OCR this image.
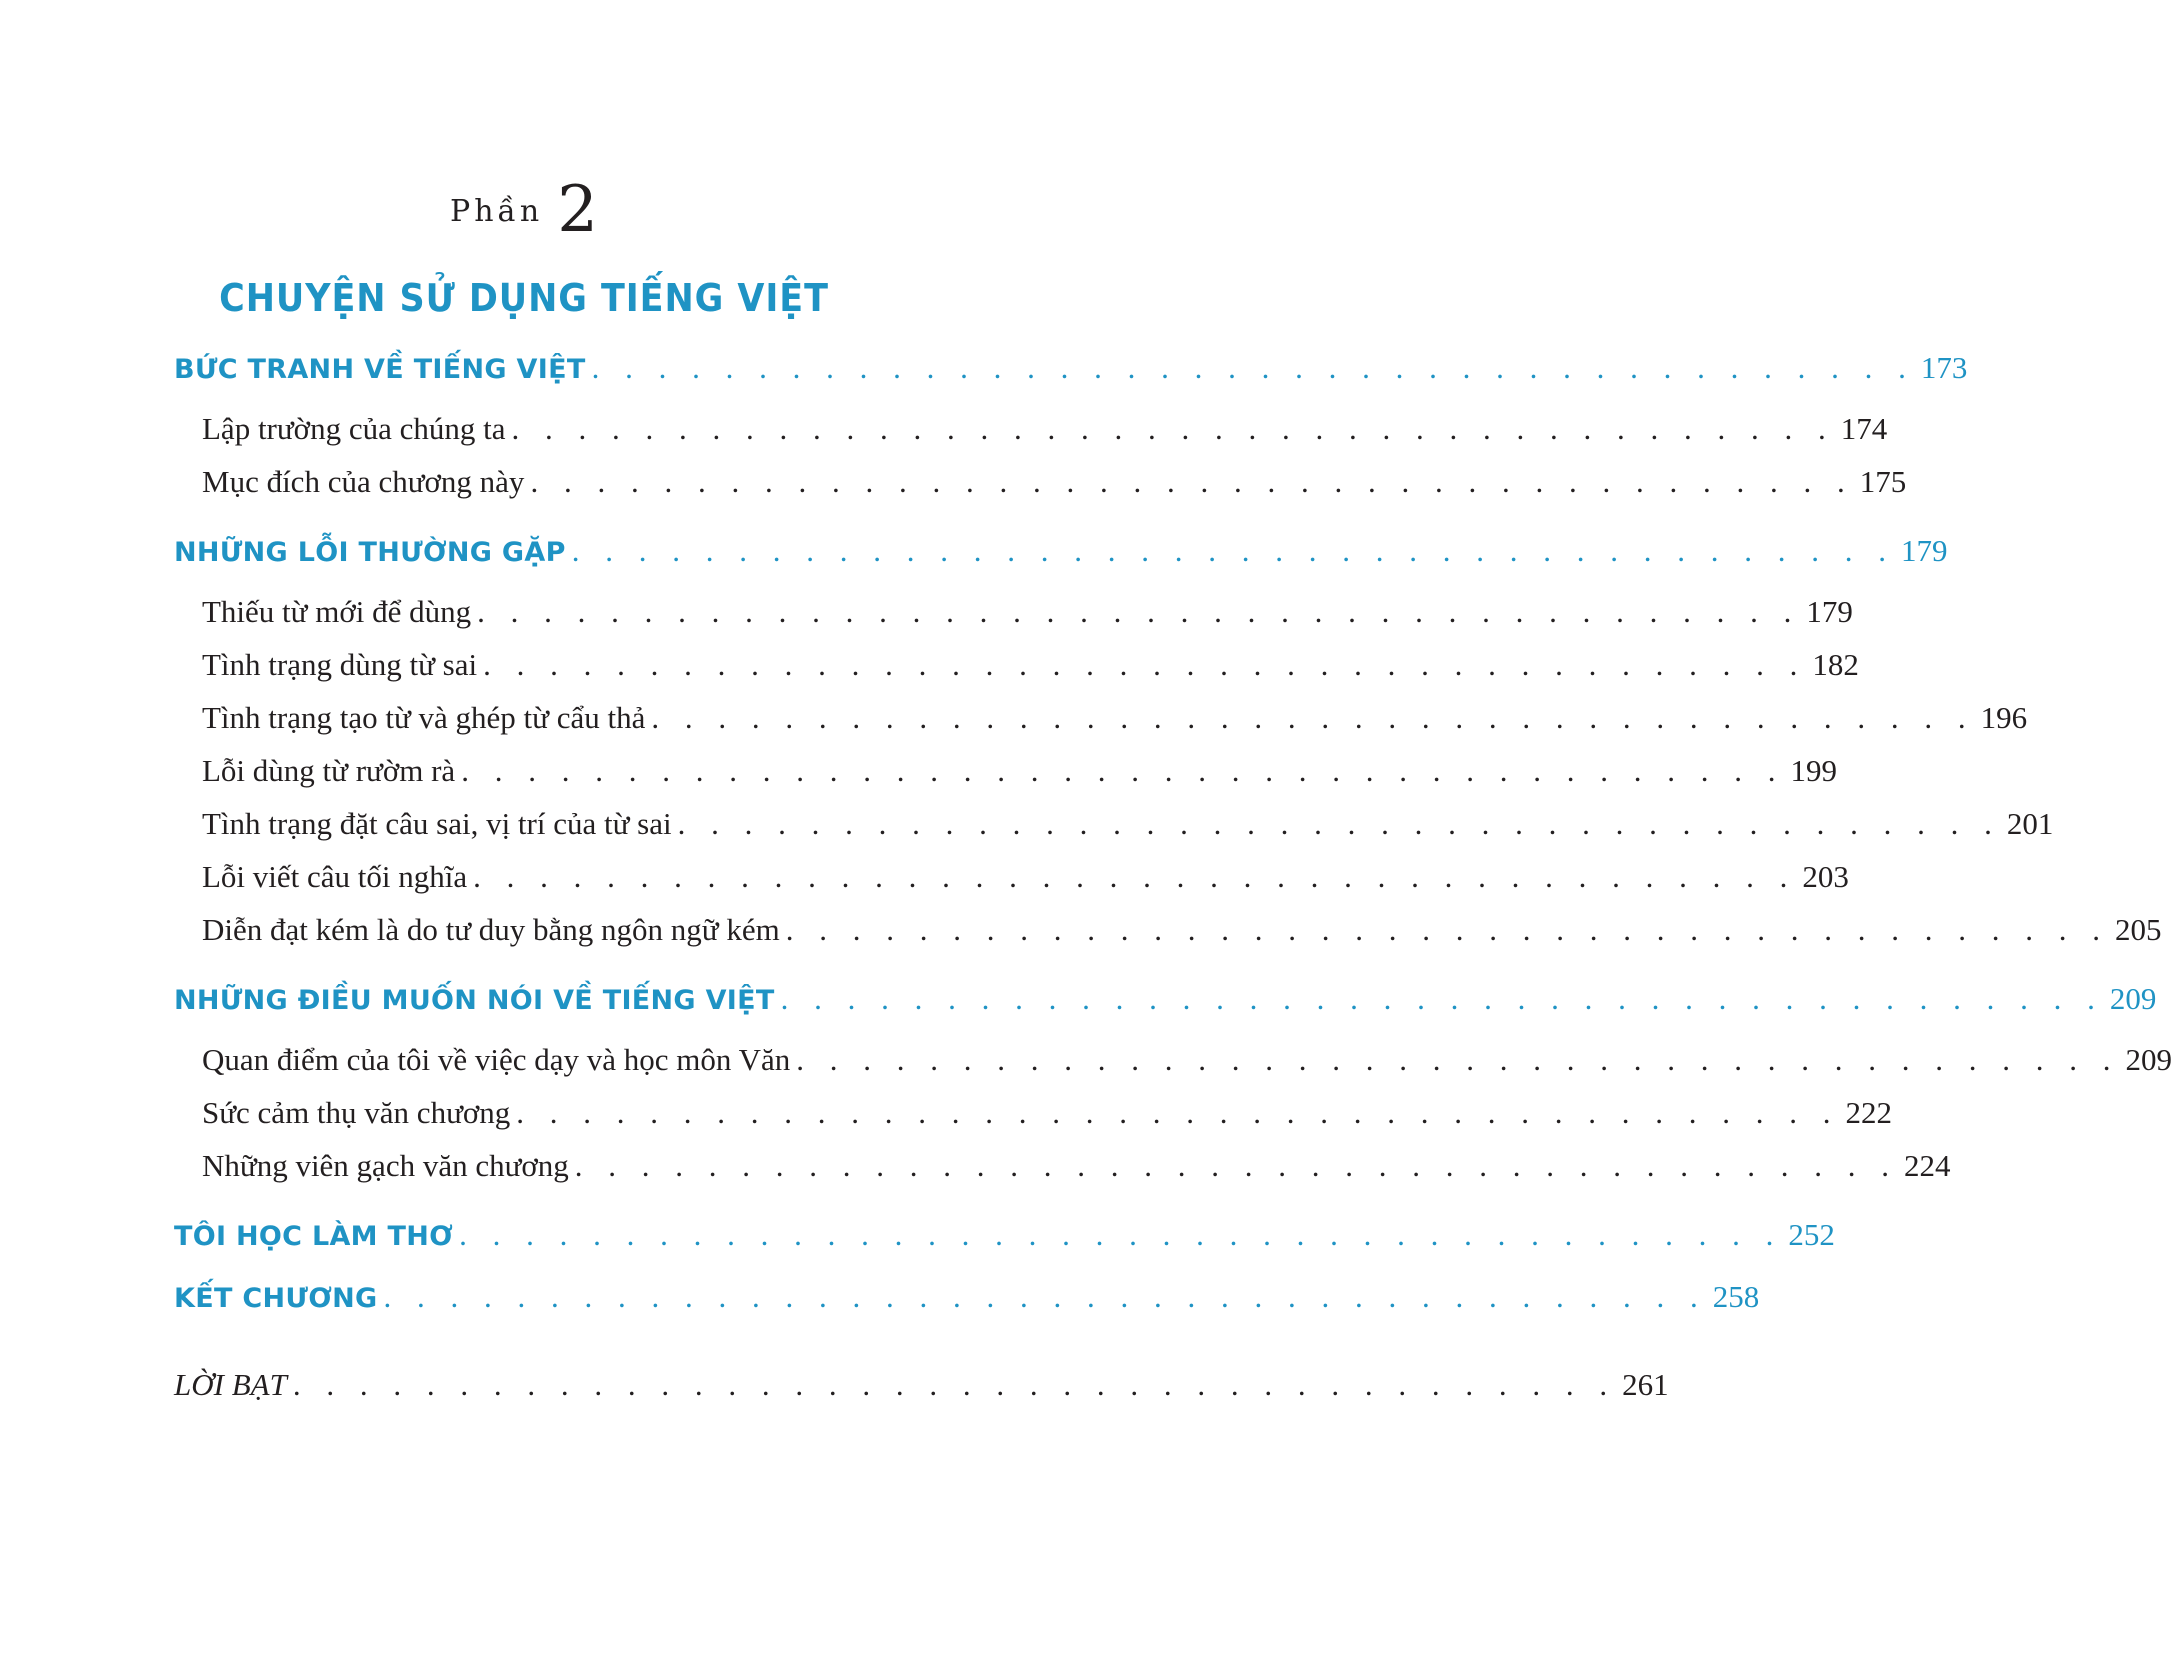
Phần 2
CHUYỆN SỬ DỤNG TIẾNG VIỆT
BỨC TRANH VỀ TIẾNG VIỆT . . . . . . . . . . . . . . . . . . . . . . . . . . . . . . . . . . . . . . . . 173
Lập trường của chúng ta . . . . . . . . . . . . . . . . . . . . . . . . . . . . . . . . . . . . . . . . 174
Mục đích của chương này . . . . . . . . . . . . . . . . . . . . . . . . . . . . . . . . . . . . . . . . 175
NHỮNG LỖI THƯỜNG GẶP . . . . . . . . . . . . . . . . . . . . . . . . . . . . . . . . . . . . . . . . 179
Thiếu từ mới để dùng . . . . . . . . . . . . . . . . . . . . . . . . . . . . . . . . . . . . . . . . 179
Tình trạng dùng từ sai . . . . . . . . . . . . . . . . . . . . . . . . . . . . . . . . . . . . . . . . 182
Tình trạng tạo từ và ghép từ cẩu thả . . . . . . . . . . . . . . . . . . . . . . . . . . . . . . . . . . . . . . . . 196
Lỗi dùng từ rườm rà . . . . . . . . . . . . . . . . . . . . . . . . . . . . . . . . . . . . . . . . 199
Tình trạng đặt câu sai, vị trí của từ sai . . . . . . . . . . . . . . . . . . . . . . . . . . . . . . . . . . . . . . . . 201
Lỗi viết câu tối nghĩa . . . . . . . . . . . . . . . . . . . . . . . . . . . . . . . . . . . . . . . . 203
Diễn đạt kém là do tư duy bằng ngôn ngữ kém . . . . . . . . . . . . . . . . . . . . . . . . . . . . . . . . . . . . . . . . 205
NHỮNG ĐIỀU MUỐN NÓI VỀ TIẾNG VIỆT . . . . . . . . . . . . . . . . . . . . . . . . . . . . . . . . . . . . . . . . 209
Quan điểm của tôi về việc dạy và học môn Văn . . . . . . . . . . . . . . . . . . . . . . . . . . . . . . . . . . . . . . . . 209
Sức cảm thụ văn chương . . . . . . . . . . . . . . . . . . . . . . . . . . . . . . . . . . . . . . . . 222
Những viên gạch văn chương . . . . . . . . . . . . . . . . . . . . . . . . . . . . . . . . . . . . . . . . 224
TÔI HỌC LÀM THƠ . . . . . . . . . . . . . . . . . . . . . . . . . . . . . . . . . . . . . . . . 252
KẾT CHƯƠNG . . . . . . . . . . . . . . . . . . . . . . . . . . . . . . . . . . . . . . . . 258
LỜI BẠT . . . . . . . . . . . . . . . . . . . . . . . . . . . . . . . . . . . . . . . . 261
